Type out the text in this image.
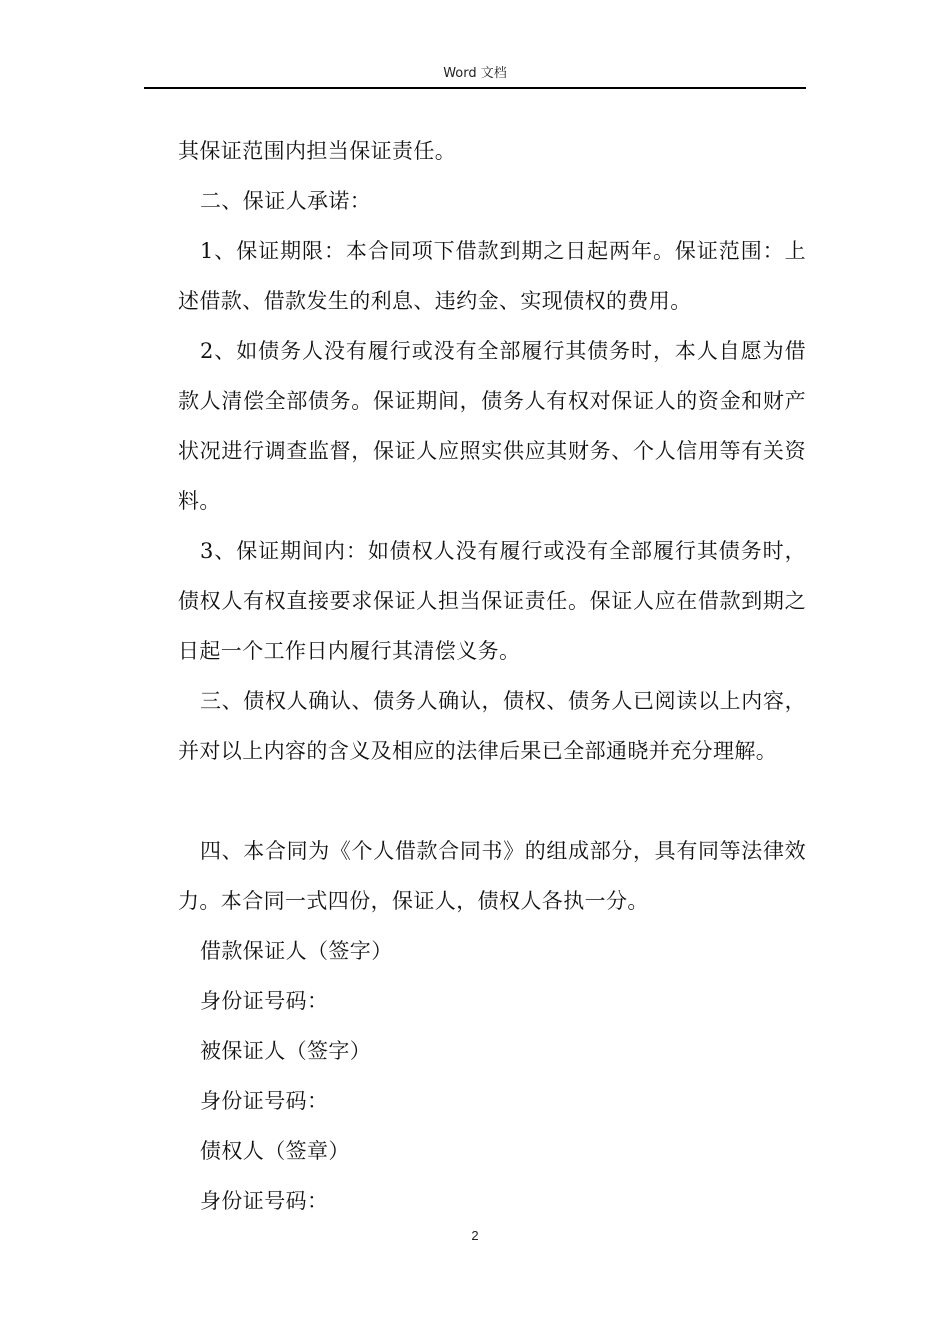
Word 文档

其保证范围内担当保证责任。

二、保证人承诺：

1、保证期限：本合同项下借款到期之日起两年。保证范围：上述借款、借款发生的利息、违约金、实现债权的费用。

2、如债务人没有履行或没有全部履行其债务时，本人自愿为借款人清偿全部债务。保证期间，债务人有权对保证人的资金和财产状况进行调查监督，保证人应照实供应其财务、个人信用等有关资料。

3、保证期间内：如债权人没有履行或没有全部履行其债务时，债权人有权直接要求保证人担当保证责任。保证人应在借款到期之日起一个工作日内履行其清偿义务。

三、债权人确认、债务人确认，债权、债务人已阅读以上内容，并对以上内容的含义及相应的法律后果已全部通晓并充分理解。

四、本合同为《个人借款合同书》的组成部分，具有同等法律效力。本合同一式四份，保证人，债权人各执一分。

借款保证人（签字）

身份证号码：

被保证人（签字）

身份证号码：

债权人（签章）

身份证号码：

2
